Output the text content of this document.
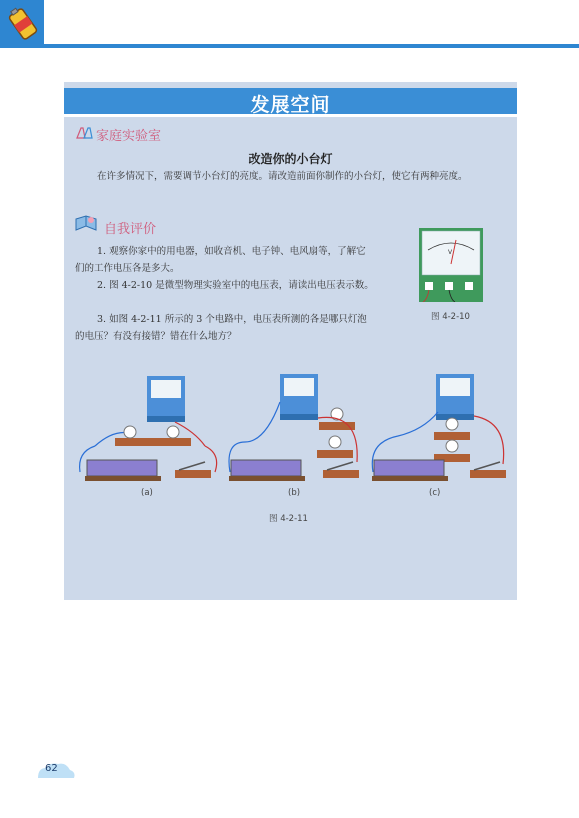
发展空间
家庭实验室
改造你的小台灯
在许多情况下，需要调节小台灯的亮度。请改造前面你制作的小台灯，使它有两种亮度。
自我评价
1. 观察你家中的用电器，如收音机、电子钟、电风扇等，了解它们的工作电压各是多大。
2. 图 4-2-10 是微型物理实验室中的电压表，请读出电压表示数。
3. 如图 4-2-11 所示的 3 个电路中，电压表所测的各是哪只灯泡的电压？有没有接错？错在什么地方？
V
图 4-2-10
(a)	(b)	(c)
图 4-2-11
62
